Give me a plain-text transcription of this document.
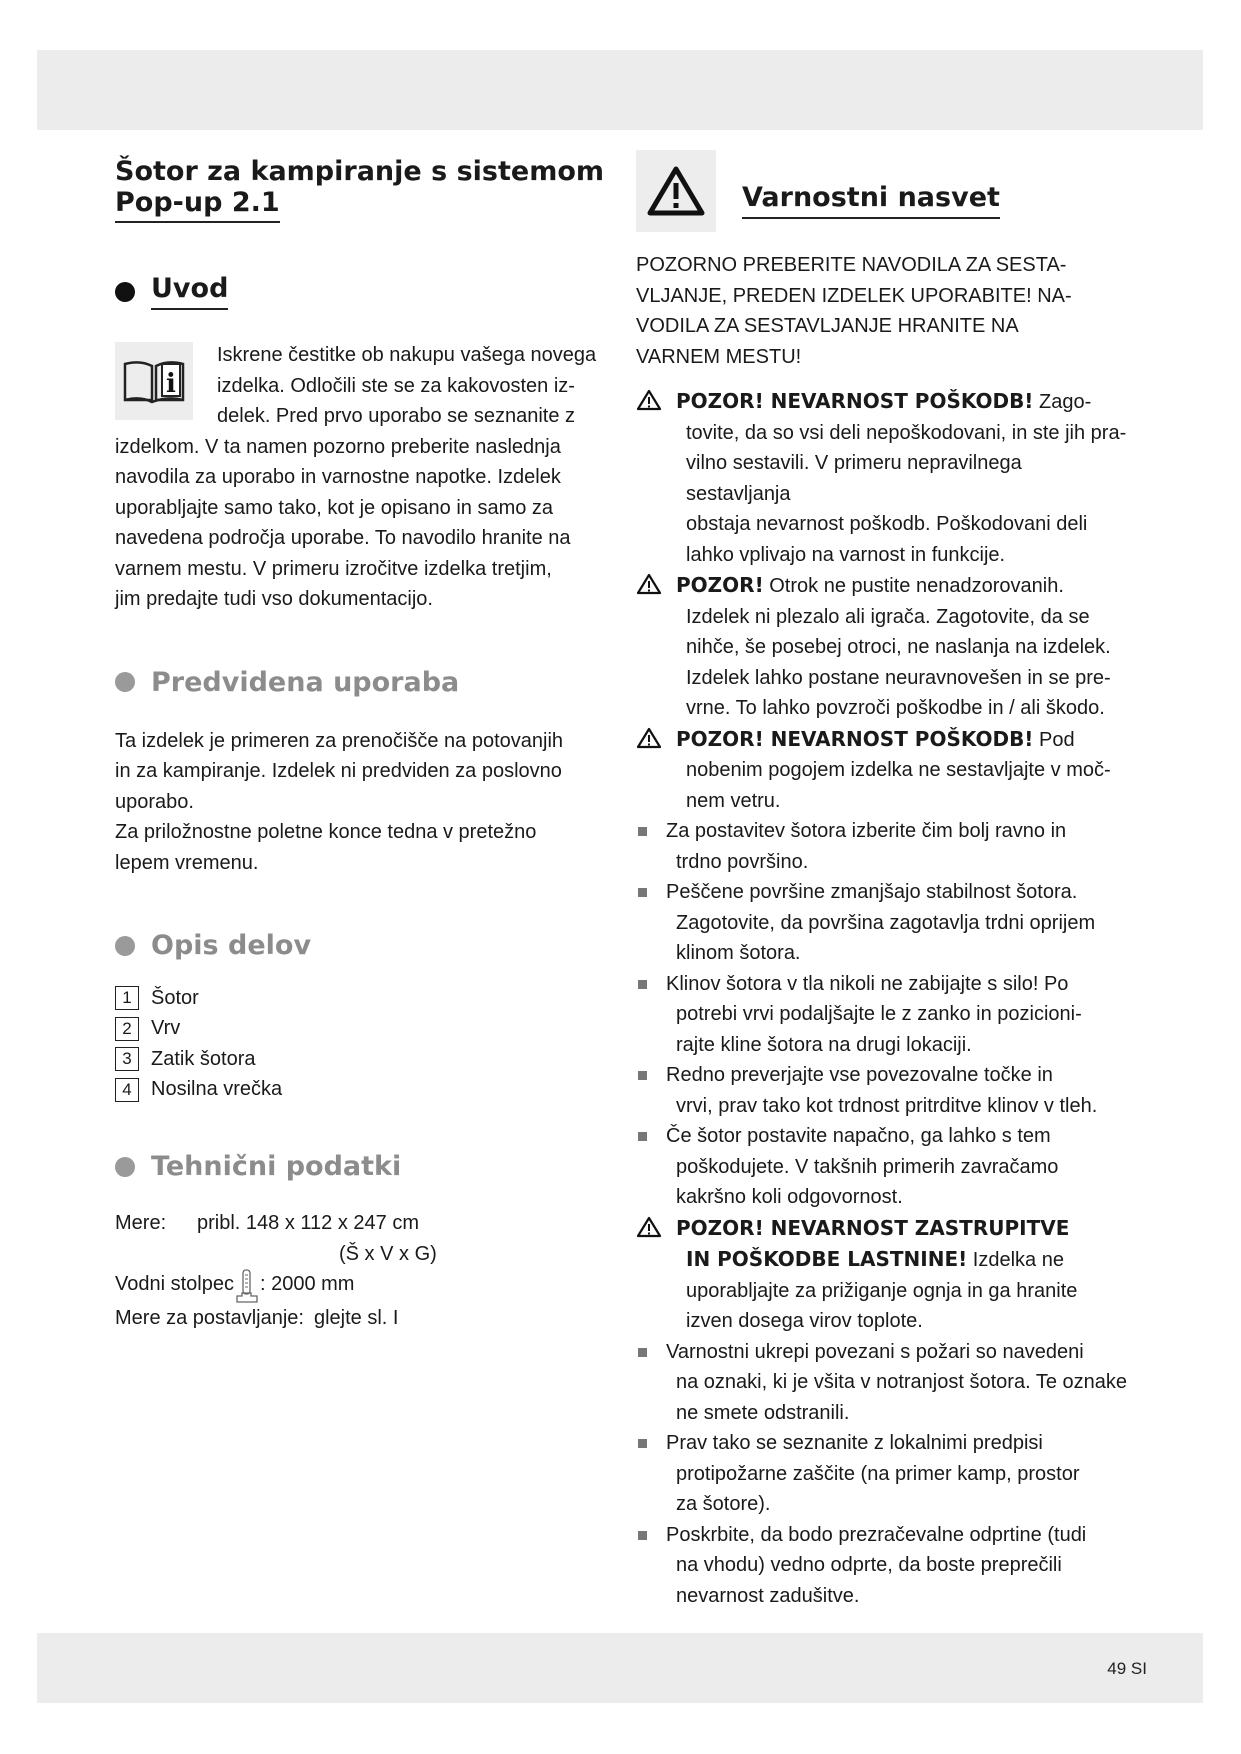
Šotor za kampiranje s sistemom
Pop-up 2.1
Uvod
i

Iskrene čestitke ob nakupu vašega novega
izdelka. Odločili ste se za kakovosten iz-
delek. Pred prvo uporabo se seznanite z
izdelkom. V ta namen pozorno preberite naslednja
navodila za uporabo in varnostne napotke. Izdelek
uporabljajte samo tako, kot je opisano in samo za
navedena področja uporabe. To navodilo hranite na
varnem mestu. V primeru izročitve izdelka tretjim,
jim predajte tudi vso dokumentacijo.

Predvidena uporaba

Ta izdelek je primeren za prenočišče na potovanjih
in za kampiranje. Izdelek ni predviden za poslovno
uporabo.
Za priložnostne poletne konce tedna v pretežno
lepem vremenu.

Opis delov
1 Šotor
2 Vrv
3 Zatik šotora
4 Nosilna vrečka
Tehnični podatki
Mere:	pribl. 148 x 112 x 247 cm
(Š x V x G)
Vodni stolpec : 2000 mm
Mere za postavljanje: glejte sl. I
Varnostni nasvet

POZORNO PREBERITE NAVODILA ZA SESTA-
VLJANJE, PREDEN IZDELEK UPORABITE! NA-
VODILA ZA SESTAVLJANJE HRANITE NA
VARNEM MESTU!

POZOR! NEVARNOST POŠKODB! Zago-
tovite, da so vsi deli nepoškodovani, in ste jih pra-
vilno sestavili. V primeru nepravilnega sestavljanja
obstaja nevarnost poškodb. Poškodovani deli
lahko vplivajo na varnost in funkcije.
POZOR! Otrok ne pustite nenadzorovanih.
Izdelek ni plezalo ali igrača. Zagotovite, da se
nihče, še posebej otroci, ne naslanja na izdelek.
Izdelek lahko postane neuravnovešen in se pre-
vrne. To lahko povzroči poškodbe in / ali škodo.
POZOR! NEVARNOST POŠKODB! Pod
nobenim pogojem izdelka ne sestavljajte v moč-
nem vetru.
Za postavitev šotora izberite čim bolj ravno in
trdno površino.
Peščene površine zmanjšajo stabilnost šotora.
Zagotovite, da površina zagotavlja trdni oprijem
klinom šotora.
Klinov šotora v tla nikoli ne zabijajte s silo! Po
potrebi vrvi podaljšajte le z zanko in pozicioni-
rajte kline šotora na drugi lokaciji.
Redno preverjajte vse povezovalne točke in
vrvi, prav tako kot trdnost pritrditve klinov v tleh.
Če šotor postavite napačno, ga lahko s tem
poškodujete. V takšnih primerih zavračamo
kakršno koli odgovornost.
POZOR! NEVARNOST ZASTRUPITVE
IN POŠKODBE LASTNINE! Izdelka ne
uporabljajte za prižiganje ognja in ga hranite
izven dosega virov toplote.
Varnostni ukrepi povezani s požari so navedeni
na oznaki, ki je všita v notranjost šotora. Te oznake
ne smete odstranili.
Prav tako se seznanite z lokalnimi predpisi
protipožarne zaščite (na primer kamp, prostor
za šotore).
Poskrbite, da bodo prezračevalne odprtine (tudi
na vhodu) vedno odprte, da boste preprečili
nevarnost zadušitve.
49 SI
